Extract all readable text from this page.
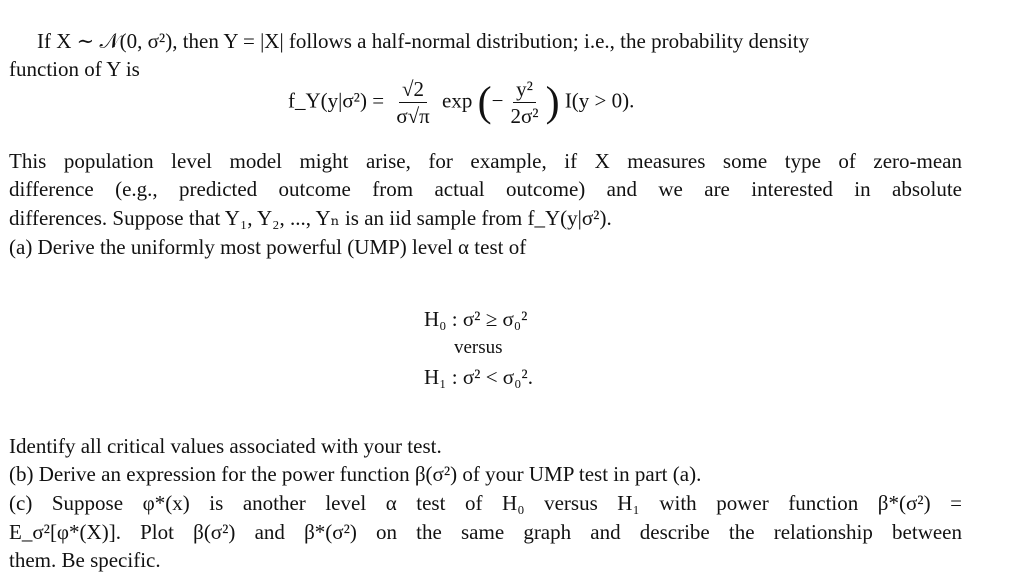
If X ∼ 𝒩(0, σ²), then Y = |X| follows a half-normal distribution; i.e., the probability density
function of Y is
f_Y(y|σ²) = $\frac{√2}{\sigma√\pi}$ exp (− $\frac{\text{y²}}{\text{2σ²}}$ ) I(y > 0).
This population level model might arise, for example, if X measures some type of zero-mean
difference (e.g., predicted outcome from actual outcome) and we are interested in absolute
differences. Suppose that Y₁, Y₂, ..., Yₙ is an iid sample from f_Y(y|σ²).
(a) Derive the uniformly most powerful (UMP) level α test of
H₀ : σ² ≥ σ₀²
versus
H₁ : σ² < σ₀².
Identify all critical values associated with your test.
(b) Derive an expression for the power function β(σ²) of your UMP test in part (a).
(c) Suppose φ*(x) is another level α test of H₀ versus H₁ with power function β*(σ²) =
E_σ²[φ*(X)]. Plot β(σ²) and β*(σ²) on the same graph and describe the relationship between
them. Be specific.
